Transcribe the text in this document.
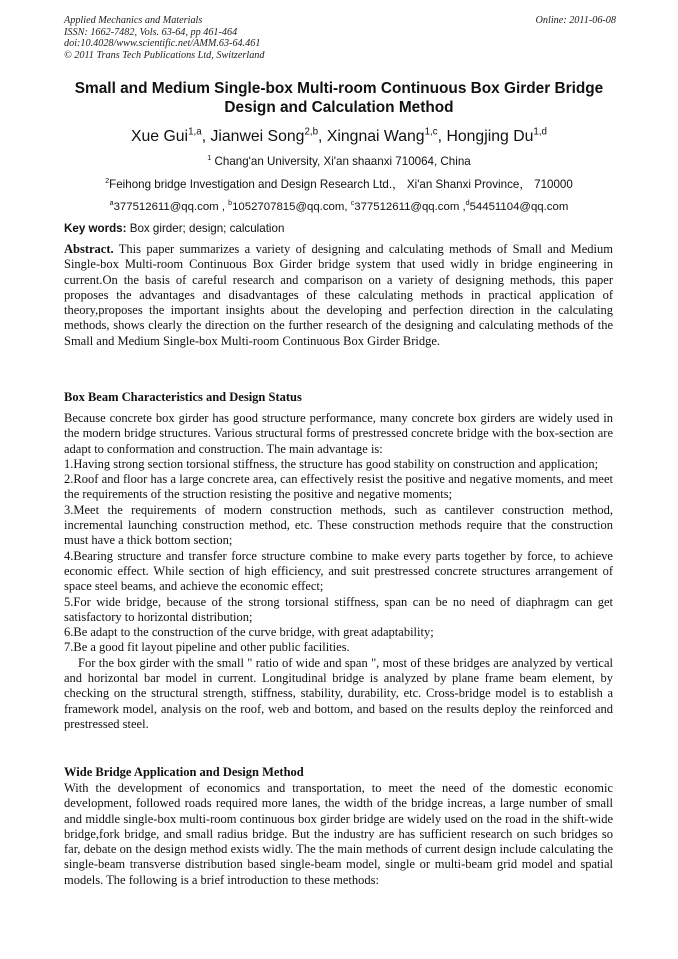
Applied Mechanics and Materials
ISSN: 1662-7482, Vols. 63-64, pp 461-464
doi:10.4028/www.scientific.net/AMM.63-64.461
© 2011 Trans Tech Publications Ltd, Switzerland
Online: 2011-06-08
Small and Medium Single-box Multi-room Continuous Box Girder Bridge
Design and Calculation Method
Xue Gui$^{1,a}$, Jianwei Song$^{2,b}$, Xingnai Wang$^{1,c}$, Hongjing Du$^{1,d}$
$^1$ Chang'an University, Xi'an shaanxi 710064, China
$^2$Feihong bridge Investigation and Design Research Ltd.， Xi'an Shanxi Province， 710000
$^a$377512611@qq.com , $^b$1052707815@qq.com, $^c$377512611@qq.com ,$^d$54451104@qq.com
Key words: Box girder; design; calculation
Abstract. This paper summarizes a variety of designing and calculating methods of Small and Medium Single-box Multi-room Continuous Box Girder bridge system that used widly in bridge engineering in current.On the basis of careful research and comparison on a variety of designing methods, this paper proposes the advantages and disadvantages of these calculating methods in practical application of theory,proposes the important insights about the developing and perfection direction in the calculating methods, shows clearly the direction on the further research of the designing and calculating methods of the Small and Medium Single-box Multi-room Continuous Box Girder Bridge.
Box Beam Characteristics and Design Status

Because concrete box girder has good structure performance, many concrete box girders are widely used in the modern bridge structures. Various structural forms of prestressed concrete bridge with the box-section are adapt to conformation and construction. The main advantage is:

1.Having strong section torsional stiffness, the structure has good stability on construction and application;

2.Roof and floor has a large concrete area, can effectively resist the positive and negative moments, and meet the requirements of the struction resisting the positive and negative moments;

3.Meet the requirements of modern construction methods, such as cantilever construction method, incremental launching construction method, etc. These construction methods require that the construction must have a thick bottom section;

4.Bearing structure and transfer force structure combine to make every parts together by force, to achieve economic effect. While section of high efficiency, and suit prestressed concrete structures arrangement of space steel beams, and achieve the economic effect;

5.For wide bridge, because of the strong torsional stiffness, span can be no need of diaphragm can get satisfactory to horizontal distribution;

6.Be adapt to the construction of the curve bridge, with great adaptability;

7.Be a good fit layout pipeline and other public facilities.

For the box girder with the small " ratio of wide and span ", most of these bridges are analyzed by vertical and horizontal bar model in current. Longitudinal bridge is analyzed by plane frame beam element, by checking on the structural strength, stiffness, stability, durability, etc. Cross-bridge model is to establish a framework model, analysis on the roof, web and bottom, and based on the results deploy the reinforced and prestressed steel.

Wide Bridge Application and Design Method

With the development of economics and transportation, to meet the need of the domestic economic development, followed roads required more lanes, the width of the bridge increas, a large number of small and middle single-box multi-room continuous box girder bridge are widely used on the road in the shift-wide bridge,fork bridge, and small radius bridge. But the industry are has sufficient research on such bridges so far, debate on the design method exists widly. The the main methods of current design include calculating the single-beam transverse distribution based single-beam model, single or multi-beam grid model and spatial models. The following is a brief introduction to these methods:
